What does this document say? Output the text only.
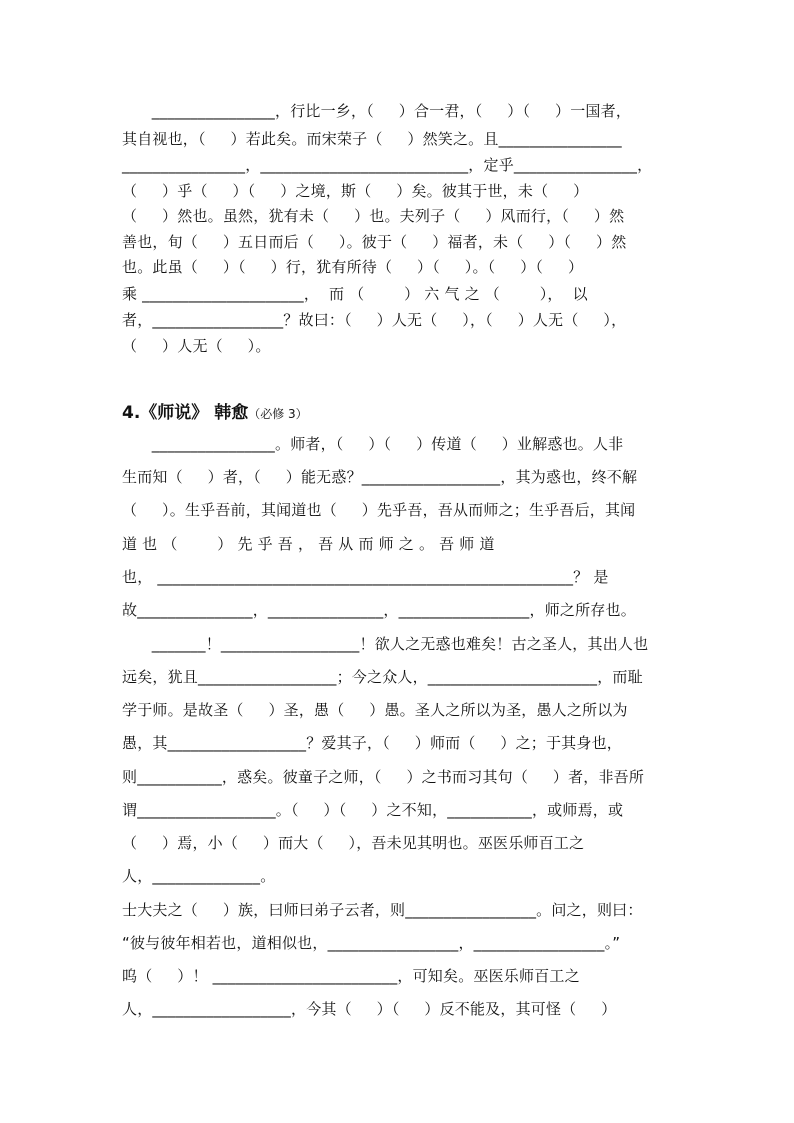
________________，行比一乡，（     ）合一君，（     ）（     ）一国者，
其自视也，（     ）若此矣。而宋荣子（     ）然笑之。且________________
________________，___________________________，定乎________________，
（     ）乎（     ）（     ）之境，斯（     ）矣。彼其于世，未（     ）
（     ）然也。虽然，犹有未（     ）也。夫列子（     ）风而行，（     ）然
善也，旬（     ）五日而后（     ）。彼于（     ）福者，未（     ）（     ）然
也。此虽（     ）（     ）行，犹有所待（     ）（     ）。（     ）（     ）
乘 _____________________，  而 （        ） 六 气 之 （        ），  以
者，_________________？故曰：（     ）人无（     ），（     ）人无（     ），
（     ）人无（     ）。
4.《师说》 韩愈（必修 3）
________________。师者，（     ）（     ）传道（     ）业解惑也。人非
生而知（     ）者，（     ）能无惑？__________________，其为惑也，终不解
（     ）。生乎吾前，其闻道也（     ）先乎吾，吾从而师之；生乎吾后，其闻
道 也 （        ） 先 乎 吾 ， 吾 从 而 师 之 。 吾 师 道
也， ______________________________________________________？ 是
故_______________，_______________，_________________，师之所存也。
_______！__________________！欲人之无惑也难矣！古之圣人，其出人也
远矣，犹且__________________；今之众人，______________________，而耻
学于师。是故圣（     ）圣，愚（     ）愚。圣人之所以为圣，愚人之所以为
愚，其__________________？爱其子，（     ）师而（     ）之；于其身也，
则___________，惑矣。彼童子之师，（     ）之书而习其句（     ）者，非吾所
谓__________________。（     ）（     ）之不知，___________，或师焉，或
（     ）焉，小（     ）而大（     ），吾未见其明也。巫医乐师百工之
人，______________。
士大夫之（     ）族，曰师曰弟子云者，则_________________。问之，则曰：
“彼与彼年相若也，道相似也，_________________，_________________。”
呜（     ）！ ________________________，可知矣。巫医乐师百工之
人，__________________，今其（     ）（     ）反不能及，其可怪（     ）
